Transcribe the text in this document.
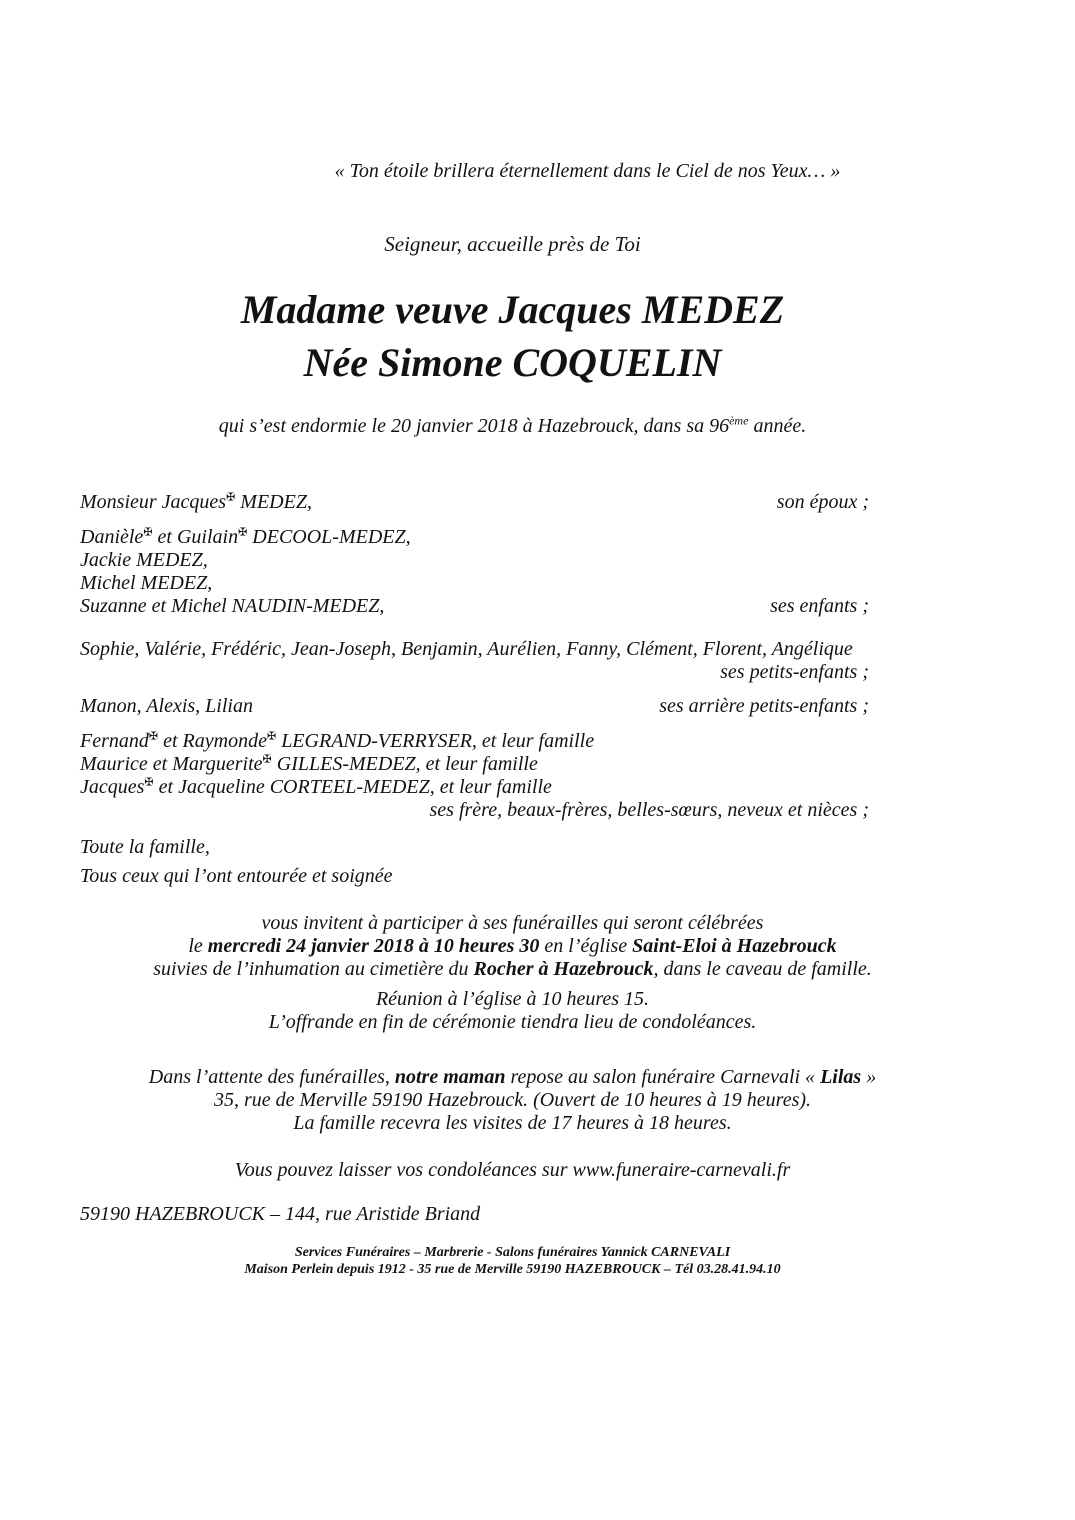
« Ton étoile brillera éternellement dans le Ciel de nos Yeux… »
Seigneur, accueille près de Toi
Madame veuve Jacques MEDEZ
Née Simone COQUELIN
qui s’est endormie le 20 janvier 2018 à Hazebrouck, dans sa 96ème année.
Monsieur Jacques✠ MEDEZ,	son époux ;
Danièle✠ et Guilain✠ DECOOL-MEDEZ,
Jackie MEDEZ,
Michel MEDEZ,
Suzanne et Michel NAUDIN-MEDEZ,	ses enfants ;
Sophie, Valérie, Frédéric, Jean-Joseph, Benjamin, Aurélien, Fanny, Clément, Florent, Angélique
ses petits-enfants ;
Manon, Alexis, Lilian	ses arrière petits-enfants ;
Fernand✠ et Raymonde✠ LEGRAND-VERRYSER, et leur famille
Maurice et Marguerite✠ GILLES-MEDEZ, et leur famille
Jacques✠ et Jacqueline CORTEEL-MEDEZ, et leur famille
ses frère, beaux-frères, belles-sœurs, neveux et nièces ;
Toute la famille,
Tous ceux qui l’ont entourée et soignée
vous invitent à participer à ses funérailles qui seront célébrées
le mercredi 24 janvier 2018 à 10 heures 30 en l’église Saint-Eloi à Hazebrouck
suivies de l’inhumation au cimetière du Rocher à Hazebrouck, dans le caveau de famille.
Réunion à l’église à 10 heures 15.
L’offrande en fin de cérémonie tiendra lieu de condoléances.
Dans l’attente des funérailles, notre maman repose au salon funéraire Carnevali « Lilas »
35, rue de Merville 59190 Hazebrouck. (Ouvert de 10 heures à 19 heures).
La famille recevra les visites de 17 heures à 18 heures.
Vous pouvez laisser vos condoléances sur www.funeraire-carnevali.fr
59190 HAZEBROUCK – 144, rue Aristide Briand
Services Funéraires – Marbrerie - Salons funéraires Yannick CARNEVALI
Maison Perlein depuis 1912 - 35 rue de Merville 59190 HAZEBROUCK – Tél 03.28.41.94.10
